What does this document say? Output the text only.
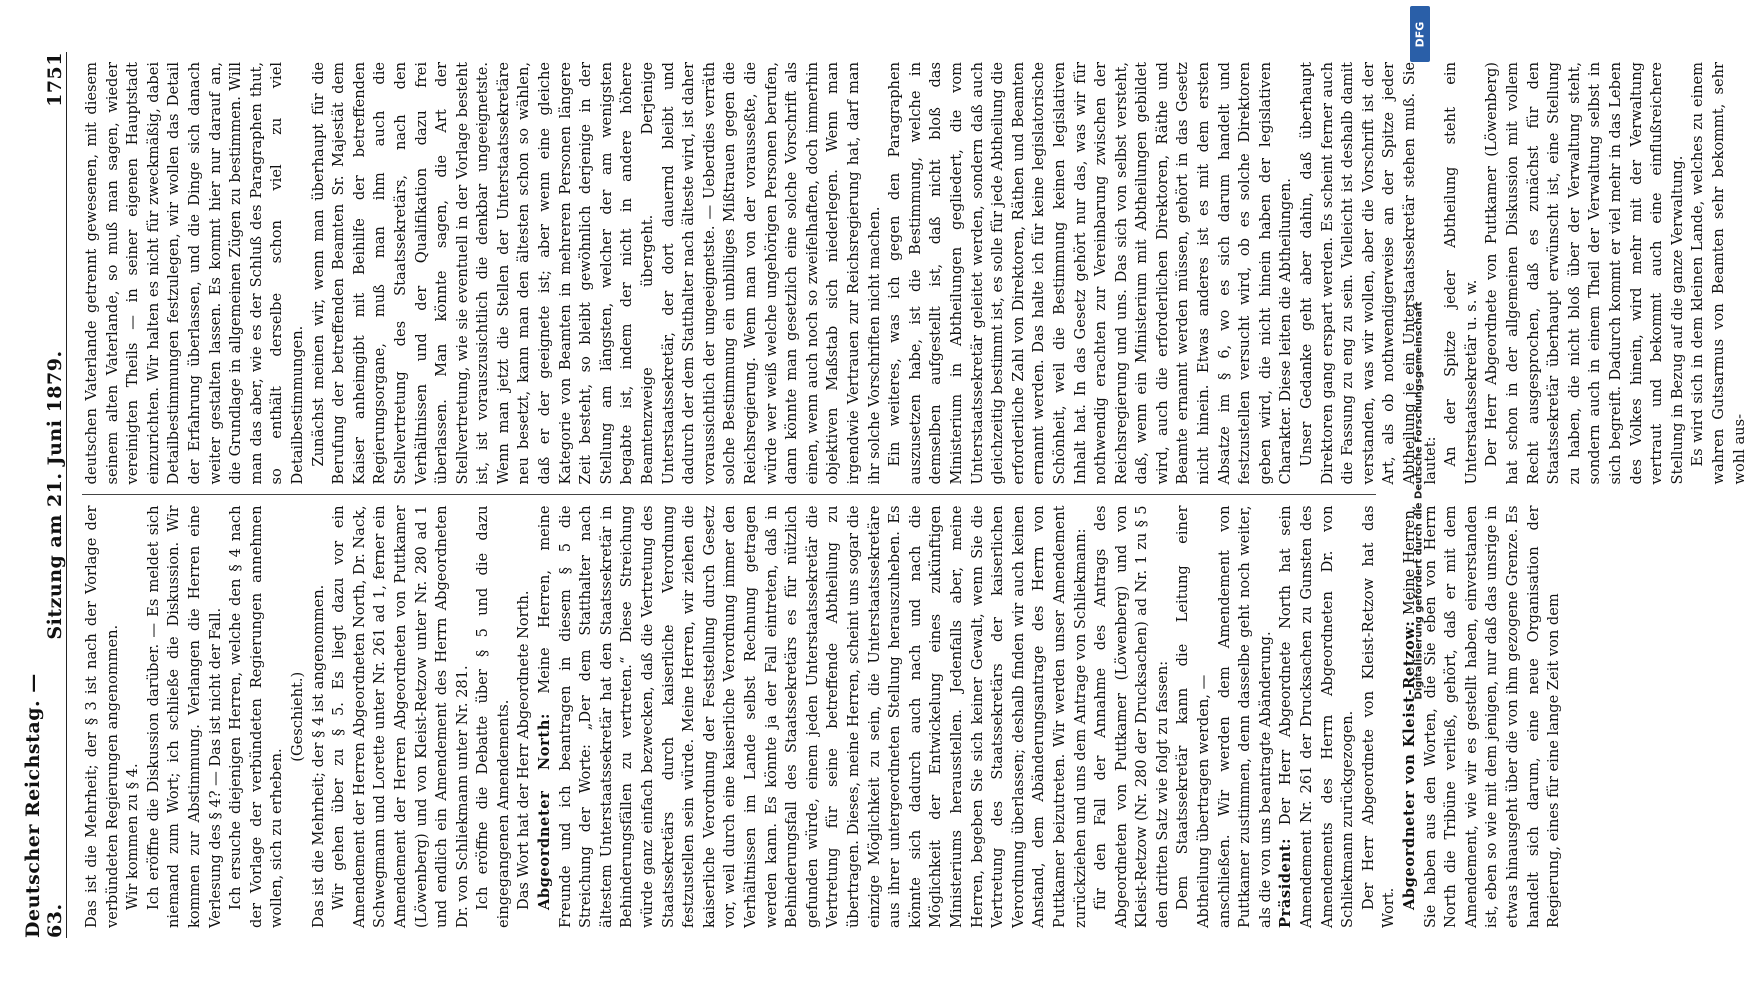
Deutscher Reichstag. — 63.
Sitzung am 21. Juni 1879.
1751

Das ist die Mehrheit; der § 3 ist nach der Vorlage der verbündeten Regierungen angenommen. Wir kommen zu § 4. Ich eröffne die Diskussion darüber. — Es meldet sich niemand zum Wort; ich schließe die Diskussion. Wir kommen zur Abstimmung. Verlangen die Herren eine Verlesung des § 4? — Das ist nicht der Fall. Ich ersuche diejenigen Herren, welche den § 4 nach der Vorlage der verbündeten Regierungen annehmen wollen, sich zu erheben.

(Geschieht.) Das ist die Mehrheit; der § 4 ist angenommen. Wir gehen über zu § 5. Es liegt dazu vor ein Amendement der Herren Abgeordneten North, Dr. Nack, Schwegmann und Lorette unter Nr. 261 ad 1, ferner ein Amendement der Herren Abgeordneten von Puttkamer (Löwenberg) und von Kleist-Retzow unter Nr. 280 ad 1 und endlich ein Amendement des Herrn Abgeordneten Dr. von Schliekmann unter Nr. 281. Ich eröffne die Debatte über § 5 und die dazu eingegangenen Amendements. Das Wort hat der Herr Abgeordnete North. Abgeordneter North: Meine Herren, meine Freunde und ich beantragen in diesem § 5 die Streichung der Worte: „Der dem Statthalter nach ältestem Unterstaatssekretär hat den Staatssekretär in Behinderungsfällen zu vertreten.“ Diese Streichung würde ganz einfach bezwecken, daß die Vertretung des Staatssekretärs durch kaiserliche Verordnung festzustellen sein würde. Meine Herren, wir ziehen die kaiserliche Verordnung der Feststellung durch Gesetz vor, weil durch eine kaiserliche Verordnung immer den Verhältnissen im Lande selbst Rechnung getragen werden kann. Es könnte ja der Fall eintreten, daß in Behinderungsfall des Staatssekretärs es für nützlich gefunden würde, einem jeden Unterstaatssekretär die Vertretung für seine betreffende Abtheilung zu übertragen. Dieses, meine Herren, scheint uns sogar die einzige Möglichkeit zu sein, die Unterstaatssekretäre aus ihrer untergeordneten Stellung herauszuheben. Es könnte sich dadurch auch nach und nach die Möglichkeit der Entwickelung eines zukünftigen Ministeriums herausstellen. Jedenfalls aber, meine Herren, begeben Sie sich keiner Gewalt, wenn Sie die Vertretung des Staatssekretärs der kaiserlichen Verordnung überlassen; deshalb finden wir auch keinen Anstand, dem Abänderungsantrage des Herrn von Puttkamer beizutreten. Wir werden unser Amendement zurückziehen und uns dem Antrage von Schliekmann: für den Fall der Annahme des Antrags des Abgeordneten von Puttkamer (Löwenberg) und von Kleist-Retzow (Nr. 280 der Drucksachen) ad Nr. 1 zu § 5 den dritten Satz wie folgt zu fassen: Dem Staatssekretär kann die Leitung einer Abtheilung übertragen werden, — anschließen. Wir werden dem Amendement von Puttkamer zustimmen, denn dasselbe geht noch weiter, als die von uns beantragte Abänderung. Präsident: Der Herr Abgeordnete North hat sein Amendement Nr. 261 der Drucksachen zu Gunsten des Amendements des Herrn Abgeordneten Dr. von Schliekmann zurückgezogen. Der Herr Abgeordnete von Kleist-Retzow hat das Wort. Abgeordneter von Kleist-Retzow: Meine Herren, Sie haben aus den Worten, die Sie eben von Herrn North die Tribüne verließ, gehört, daß er mit dem Amendement, wie wir es gestellt haben, einverstanden ist, eben so wie mit dem jenigen, nur daß das unsrige in etwas hinausgeht über die von ihm gezogene Grenze. Es handelt sich darum, eine neue Organisation der Regierung, eines für eine lange Zeit von dem

deutschen Vaterlande getrennt gewesenen, mit diesem seinem alten Vaterlande, so muß man sagen, wieder vereinigten Theils — in seiner eigenen Hauptstadt einzurichten. Wir halten es nicht für zweckmäßig, dabei Detailbestimmungen festzulegen, wir wollen das Detail der Erfahrung überlassen, und die Dinge sich danach weiter gestalten lassen. Es kommt hier nur darauf an, die Grundlage in allgemeinen Zügen zu bestimmen. Will man das aber, wie es der Schluß des Paragraphen thut, so enthält derselbe schon viel zu viel Detailbestimmungen. Zunächst meinen wir, wenn man überhaupt für die Berufung der betreffenden Beamten Sr. Majestät dem Kaiser anheimgibt mit Beihilfe der betreffenden Regierungsorgane, muß man ihm auch die Stellvertretung des Staatssekretärs, nach den Verhältnissen und der Qualifikation dazu frei überlassen. Man könnte sagen, die Art der Stellvertretung, wie sie eventuell in der Vorlage besteht ist, ist vorauszusichtlich die denkbar ungeeignetste. Wenn man jetzt die Stellen der Unterstaatssekretäre neu besetzt, kann man den ältesten schon so wählen, daß er der geeignete ist; aber wenn eine gleiche Kategorie von Beamten in mehreren Personen längere Zeit besteht, so bleibt gewöhnlich derjenige in der Stellung am längsten, welcher der am wenigsten begabte ist, indem der nicht in andere höhere Beamtenzweige übergeht. Derjenige Unterstaatssekretär, der dort dauernd bleibt und dadurch der dem Statthalter nach älteste wird, ist daher voraussichtlich der ungeeignetste. — Ueberdies verräth solche Bestimmung ein unbilliges Mißtrauen gegen die Reichsregierung. Wenn man von der vorausseßte, die würde wer weiß welche ungehörigen Personen berufen, dann könnte man gesetzlich eine solche Vorschrift als einen, wenn auch noch so zweifelhaften, doch immerhin objektiven Maßstab sich niederlegen. Wenn man irgendwie Vertrauen zur Reichsregierung hat, darf man ihr solche Vorschriften nicht machen. Ein weiteres, was ich gegen den Paragraphen auszusetzen habe, ist die Bestimmung, welche in demselben aufgestellt ist, daß nicht bloß das Ministerium in Abtheilungen gegliedert, die vom Unterstaatssekretär geleitet werden, sondern daß auch gleichzeitig bestimmt ist, es solle für jede Abtheilung die erforderliche Zahl von Direktoren, Räthen und Beamten ernannt werden. Das halte ich für keine legislatorische Schönheit, weil die Bestimmung keinen legislativen Inhalt hat. In das Gesetz gehört nur das, was wir für nothwendig erachten zur Vereinbarung zwischen der Reichsregierung und uns. Das sich von selbst versteht, daß, wenn ein Ministerium mit Abtheilungen gebildet wird, auch die erforderlichen Direktoren, Räthe und Beamte ernannt werden müssen, gehört in das Gesetz nicht hinein. Etwas anderes ist es mit dem ersten Absatze im § 6, wo es sich darum handelt und festzustellen versucht wird, ob es solche Direktoren geben wird, die nicht hinein haben der legislativen Charakter. Diese leiten die Abtheilungen. Unser Gedanke geht aber dahin, daß überhaupt Direktoren gang erspart werden. Es scheint ferner auch die Fassung zu eng zu sein. Vielleicht ist deshalb damit verstanden, was wir wollen, aber die Vorschrift ist der Art, als ob nothwendigerweise an der Spitze jeder Abtheilung je ein Unterstaatssekretär stehen muß. Sie lautet: An der Spitze jeder Abtheilung steht ein Unterstaatssekretär u. s. w. Der Herr Abgeordnete von Puttkamer (Löwenberg) hat schon in der allgemeinen Diskussion mit vollem Recht ausgesprochen, daß es zunächst für den Staatssekretär überhaupt erwünscht ist, eine Stellung zu haben, die nicht bloß über der Verwaltung steht, sondern auch in einem Theil der Verwaltung selbst in sich begreift. Dadurch kommt er viel mehr in das Leben des Volkes hinein, wird mehr mit der Verwaltung vertraut und bekommt auch eine einflußreichere Stellung in Bezug auf die ganze Verwaltung. Es wird sich in dem kleinen Lande, welches zu einem wahren Gutsarmus von Beamten sehr bekommt, sehr wohl aus-

DFG
Digitalisierung gefördert durch die Deutsche Forschungsgemeinschaft
